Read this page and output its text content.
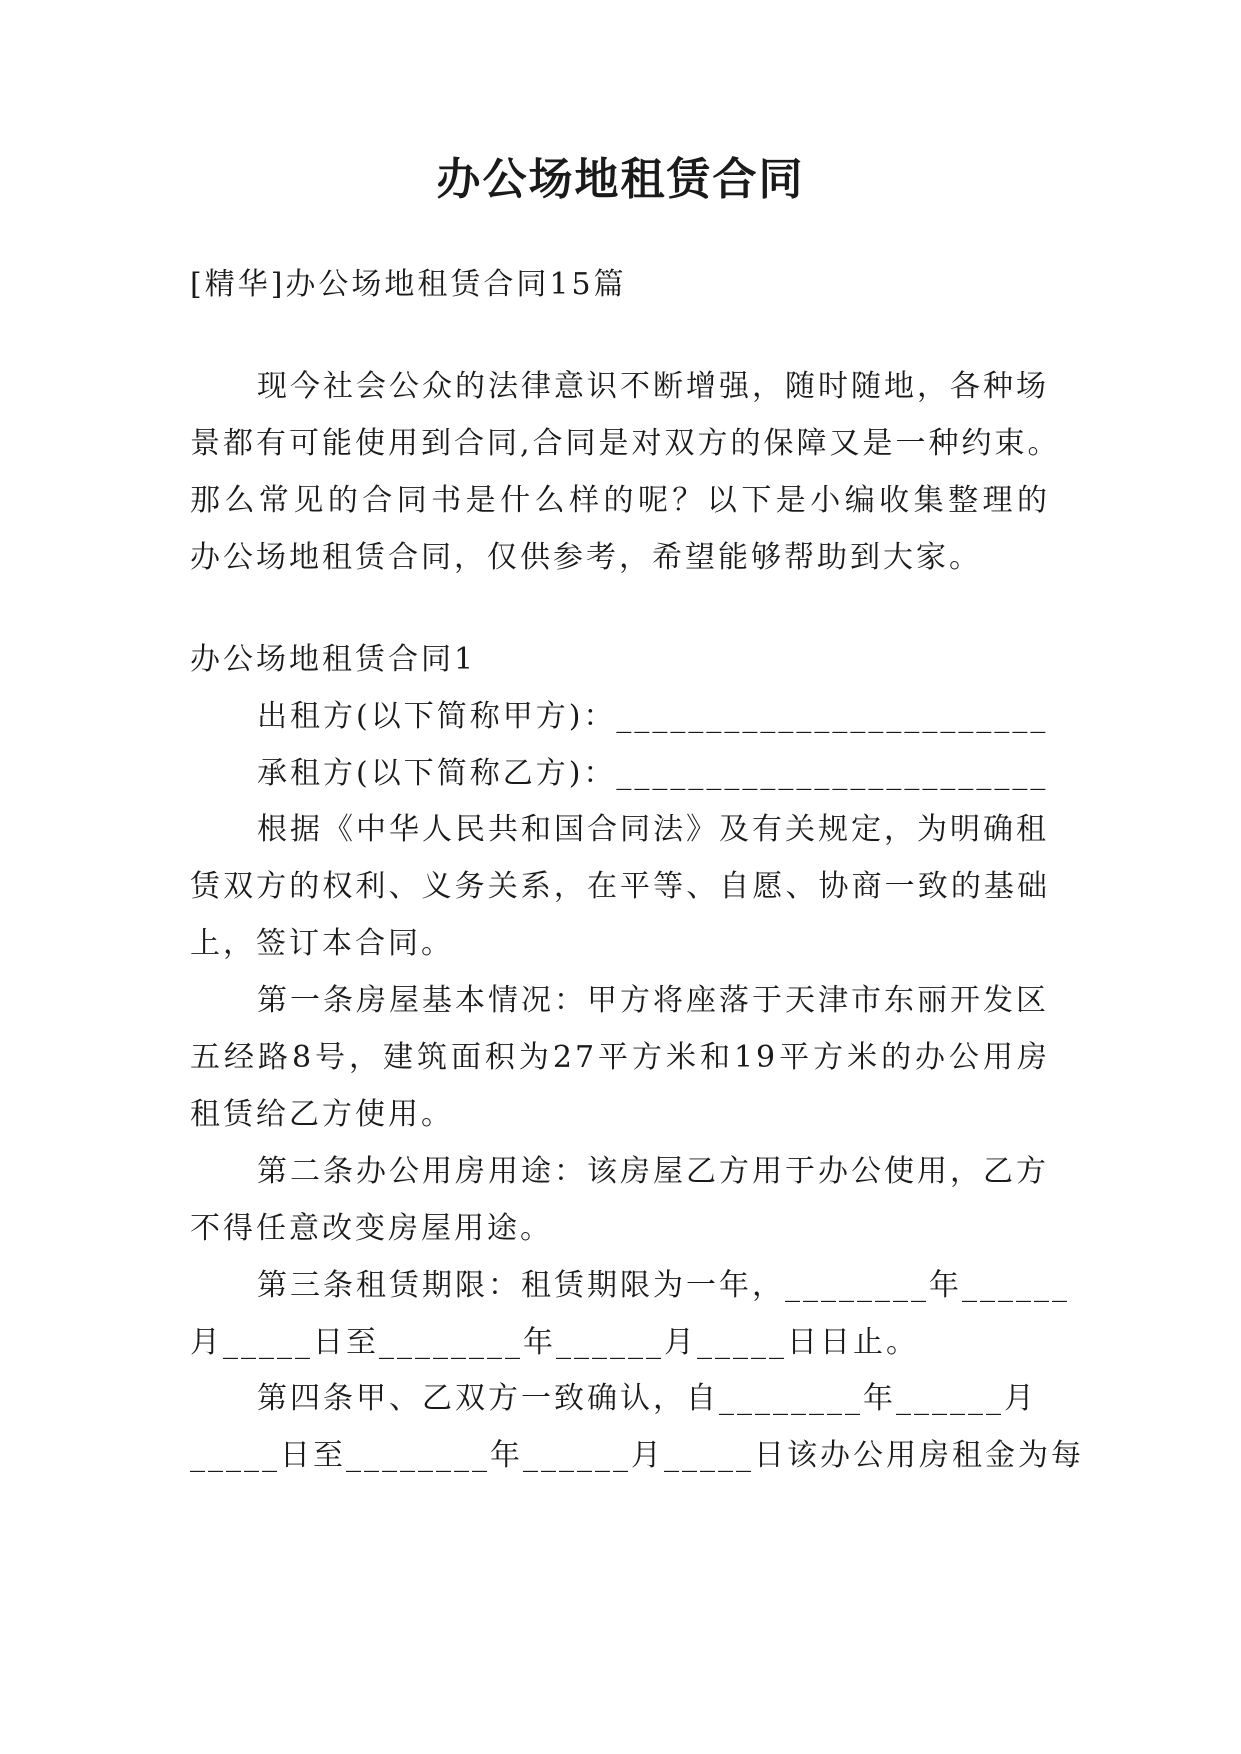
办公场地租赁合同
[精华]办公场地租赁合同15篇
现今社会公众的法律意识不断增强，随时随地，各种场
景都有可能使用到合同,合同是对双方的保障又是一种约束。
那么常见的合同书是什么样的呢？以下是小编收集整理的
办公场地租赁合同，仅供参考，希望能够帮助到大家。
办公场地租赁合同1
出租方(以下简称甲方)：________________________
承租方(以下简称乙方)：________________________
根据《中华人民共和国合同法》及有关规定，为明确租
赁双方的权利、义务关系，在平等、自愿、协商一致的基础
上，签订本合同。
第一条房屋基本情况：甲方将座落于天津市东丽开发区
五经路8号，建筑面积为27平方米和19平方米的办公用房
租赁给乙方使用。
第二条办公用房用途：该房屋乙方用于办公使用，乙方
不得任意改变房屋用途。
第三条租赁期限：租赁期限为一年，________年______
月_____日至________年______月_____日日止。
第四条甲、乙双方一致确认，自________年______月
_____日至________年______月_____日该办公用房租金为每
